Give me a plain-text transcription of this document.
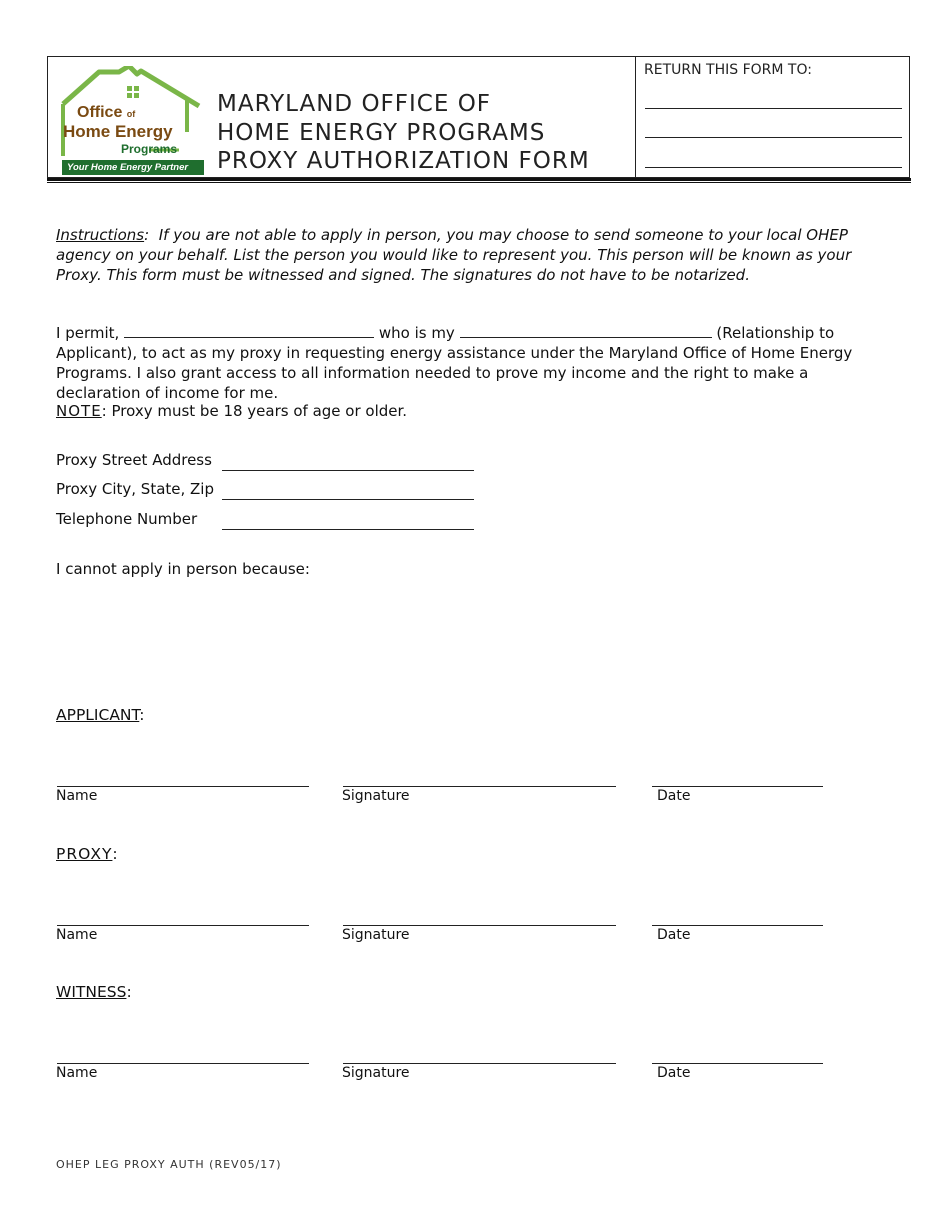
Office of
Home Energy
Programs
Your Home Energy Partner
MARYLAND OFFICE OF
HOME ENERGY PROGRAMS
PROXY AUTHORIZATION FORM
RETURN THIS FORM TO:
Instructions: If you are not able to apply in person, you may choose to send someone to your local OHEP agency on your behalf. List the person you would like to represent you. This person will be known as your Proxy. This form must be witnessed and signed. The signatures do not have to be notarized.
I permit,	who is my	(Relationship to Applicant), to act as my proxy in requesting energy assistance under the Maryland Office of Home Energy Programs. I also grant access to all information needed to prove my income and the right to make a declaration of income for me.
NOTE: Proxy must be 18 years of age or older.
Proxy Street Address
Proxy City, State, Zip
Telephone Number
I cannot apply in person because:
APPLICANT:
Name	Signature	Date
PROXY:
Name	Signature	Date
WITNESS:
Name	Signature	Date
OHEP LEG PROXY AUTH (REV05/17)
